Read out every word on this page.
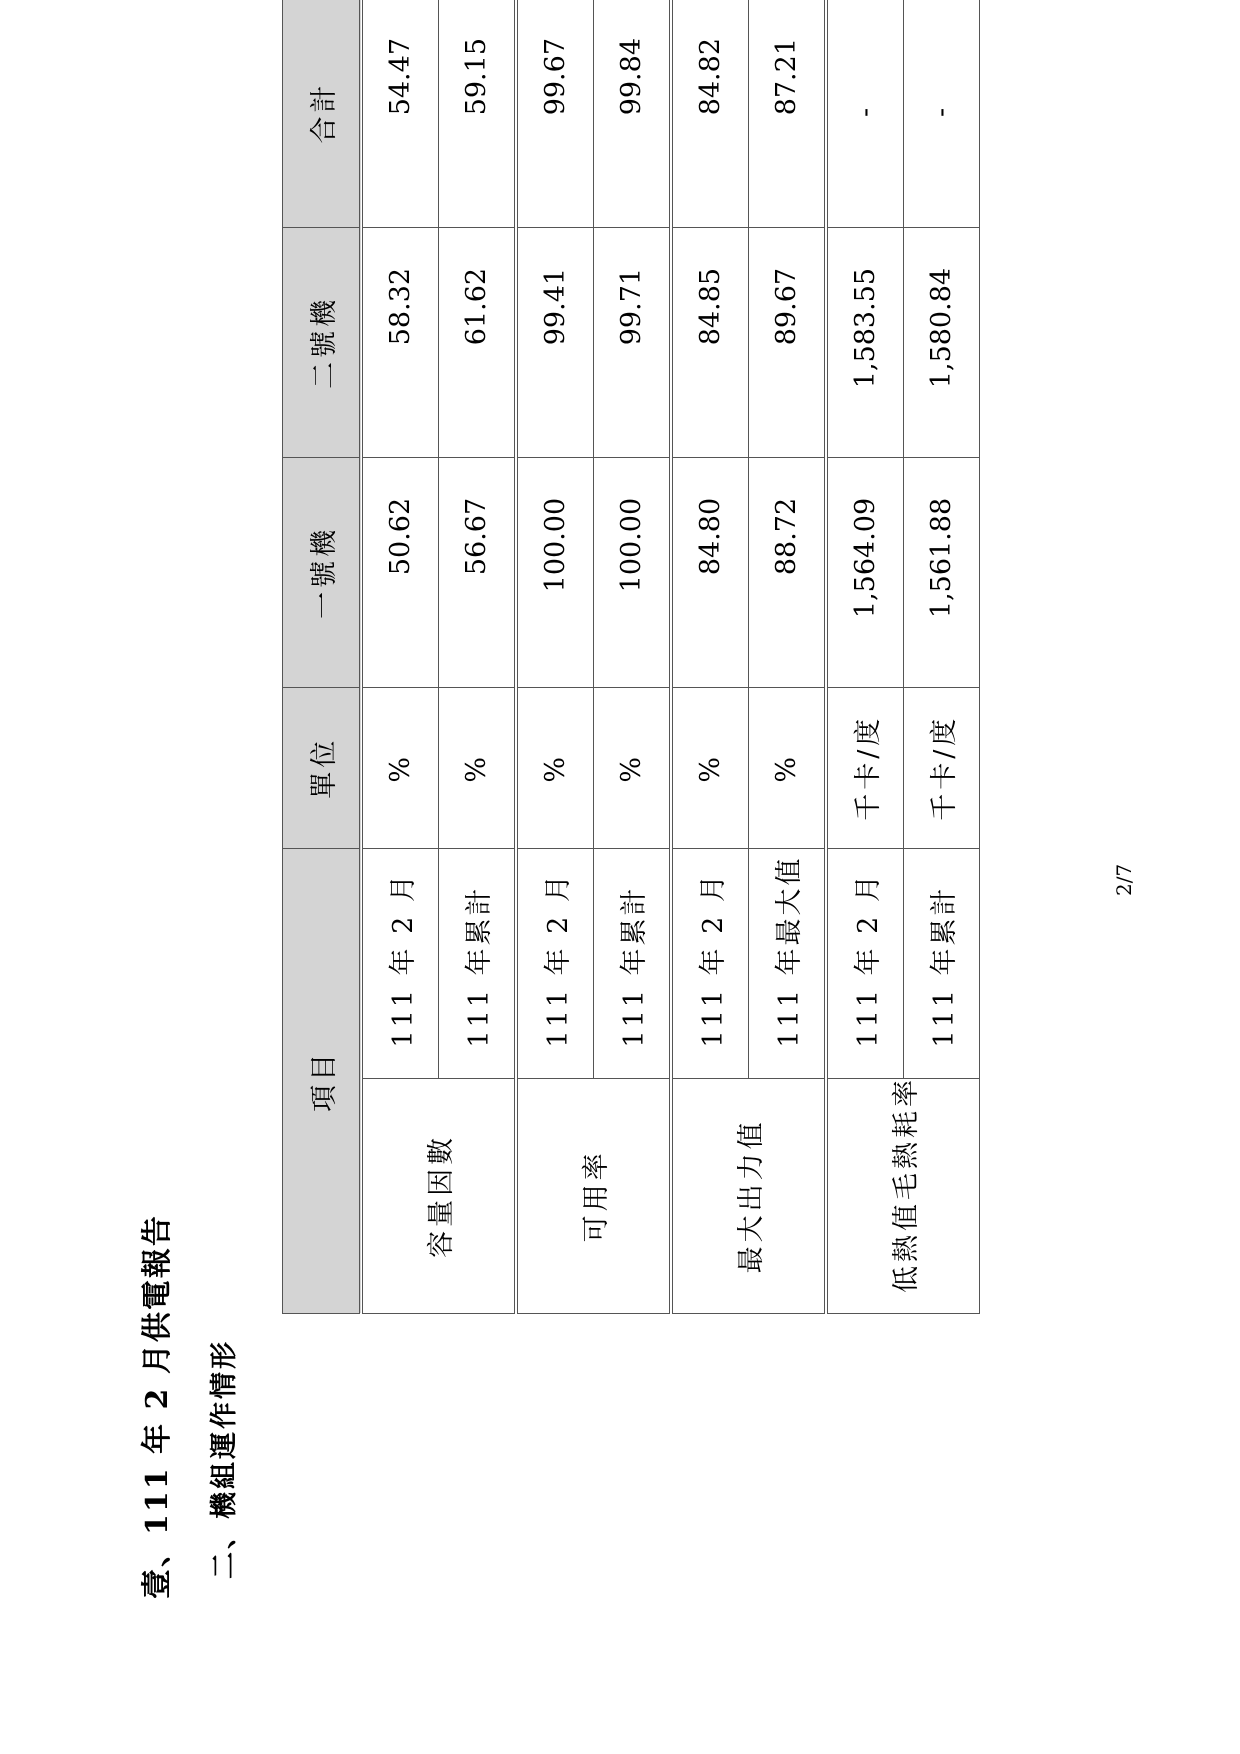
壹、111 年 2 月供電報告 二、機組運作情形
項目		單位	一號機	二號機	合計
容量因數	111 年 2 月	%	50.62	58.32	54.47
	111 年累計	%	56.67	61.62	59.15
可用率	111 年 2 月	%	100.00	99.41	99.67
	111 年累計	%	100.00	99.71	99.84
最大出力值	111 年 2 月	%	84.80	84.85	84.82
	111 年最大值	%	88.72	89.67	87.21
低熱值毛熱耗率	111 年 2 月	千卡/度	1,564.09	1,583.55	-
	111 年累計	千卡/度	1,561.88	1,580.84	-

2/7
